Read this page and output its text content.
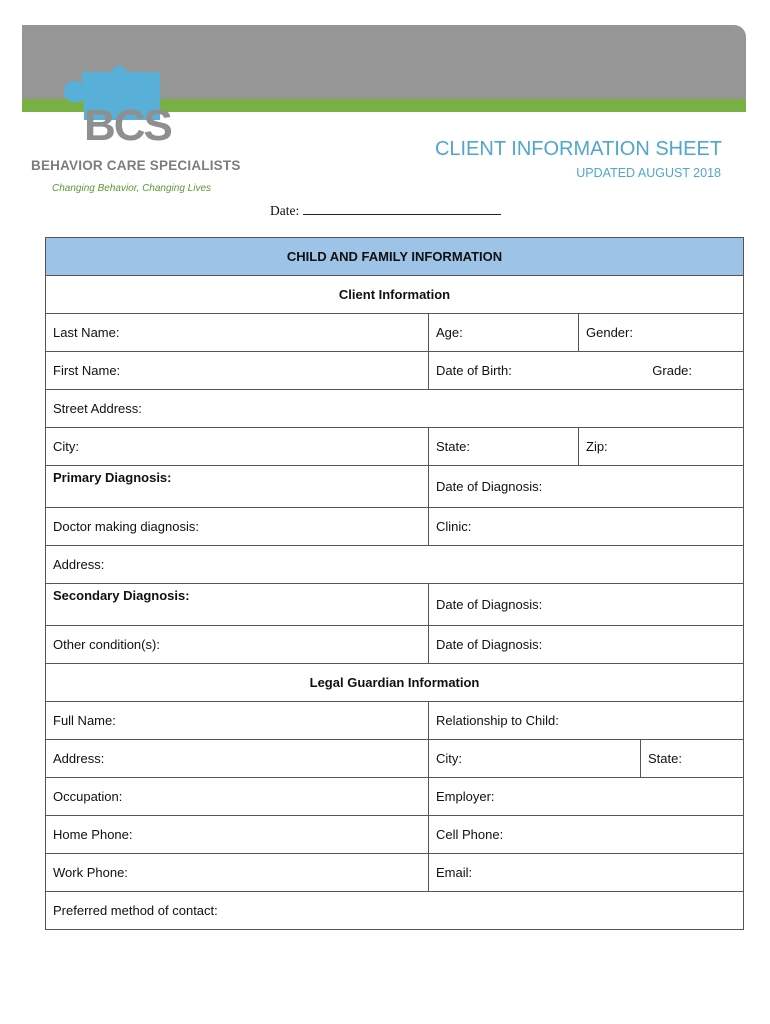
BCS
BEHAVIOR CARE SPECIALISTS
Changing Behavior, Changing Lives
CLIENT INFORMATION SHEET
UPDATED AUGUST 2018
Date:
CHILD AND FAMILY INFORMATION			
Client Information			
Last Name:	Age:	Gender:	
First Name:	Date of Birth: Grade:		

Street Address:			
City:	State:	Zip:	
Primary Diagnosis:	Date of Diagnosis:		
Doctor making diagnosis:	Clinic:		
Address:			
Secondary Diagnosis:	Date of Diagnosis:		
Other condition(s):	Date of Diagnosis:		
Legal Guardian Information			
Full Name:	Relationship to Child:		
Address:	City:		State:
Occupation:	Employer:		
Home Phone:	Cell Phone:		
Work Phone:	Email:		
Preferred method of contact:			
